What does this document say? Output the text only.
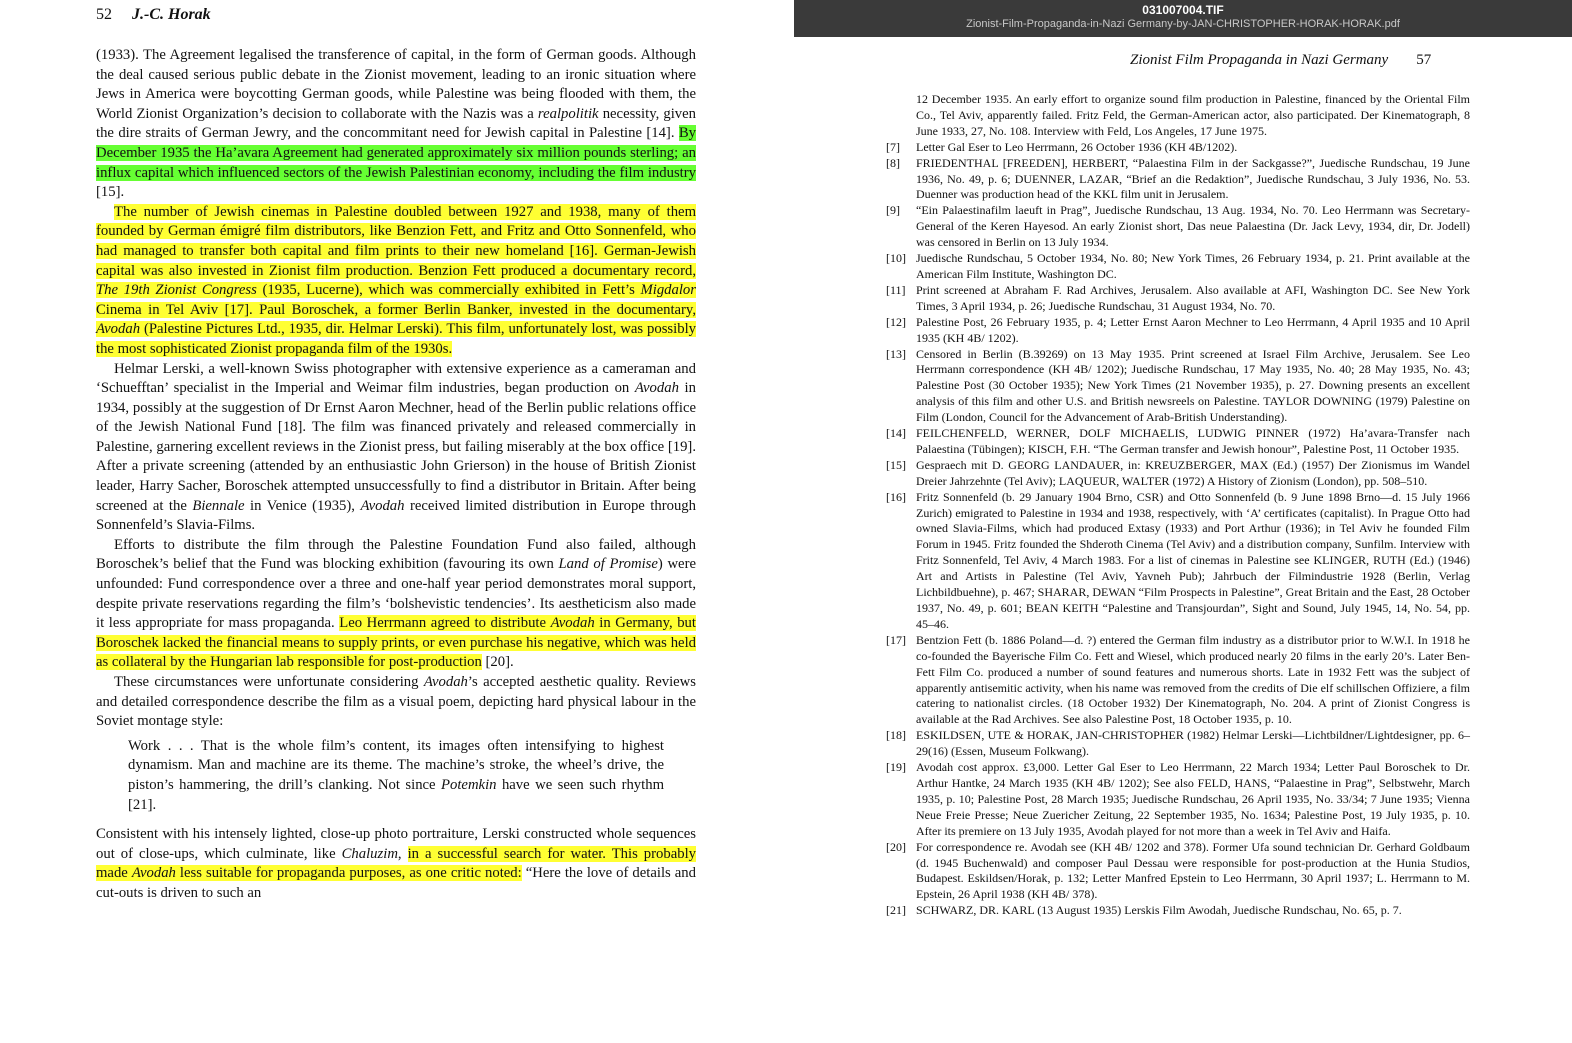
52 J.-C. Horak

(1933). The Agreement legalised the transference of capital, in the form of German goods. Although the deal caused serious public debate in the Zionist movement, leading to an ironic situation where Jews in America were boycotting German goods, while Palestine was being flooded with them, the World Zionist Organization’s decision to collaborate with the Nazis was a realpolitik necessity, given the dire straits of German Jewry, and the concommitant need for Jewish capital in Palestine [14]. By December 1935 the Ha’avara Agreement had generated approximately six million pounds sterling; an influx capital which influenced sectors of the Jewish Palestinian economy, including the film industry [15].

The number of Jewish cinemas in Palestine doubled between 1927 and 1938, many of them founded by German émigré film distributors, like Benzion Fett, and Fritz and Otto Sonnenfeld, who had managed to transfer both capital and film prints to their new homeland [16]. German-Jewish capital was also invested in Zionist film production. Benzion Fett produced a documentary record, The 19th Zionist Congress (1935, Lucerne), which was commercially exhibited in Fett’s Migdalor Cinema in Tel Aviv [17]. Paul Boroschek, a former Berlin Banker, invested in the documentary, Avodah (Palestine Pictures Ltd., 1935, dir. Helmar Lerski). This film, unfortunately lost, was possibly the most sophisticated Zionist propaganda film of the 1930s.

Helmar Lerski, a well-known Swiss photographer with extensive experience as a cameraman and ‘Schuefftan’ specialist in the Imperial and Weimar film industries, began production on Avodah in 1934, possibly at the suggestion of Dr Ernst Aaron Mechner, head of the Berlin public relations office of the Jewish National Fund [18]. The film was financed privately and released commercially in Palestine, garnering excellent reviews in the Zionist press, but failing miserably at the box office [19]. After a private screening (attended by an enthusiastic John Grierson) in the house of British Zionist leader, Harry Sacher, Boroschek attempted unsuccessfully to find a distributor in Britain. After being screened at the Biennale in Venice (1935), Avodah received limited distribution in Europe through Sonnenfeld’s Slavia-Films.

Efforts to distribute the film through the Palestine Foundation Fund also failed, although Boroschek’s belief that the Fund was blocking exhibition (favouring its own Land of Promise) were unfounded: Fund correspondence over a three and one-half year period demonstrates moral support, despite private reservations regarding the film’s ‘bolshevistic tendencies’. Its aestheticism also made it less appropriate for mass propaganda. Leo Herrmann agreed to distribute Avodah in Germany, but Boroschek lacked the financial means to supply prints, or even purchase his negative, which was held as collateral by the Hungarian lab responsible for post-production [20].

These circumstances were unfortunate considering Avodah’s accepted aesthetic quality. Reviews and detailed correspondence describe the film as a visual poem, depicting hard physical labour in the Soviet montage style:

Work . . . That is the whole film’s content, its images often intensifying to highest dynamism. Man and machine are its theme. The machine’s stroke, the wheel’s drive, the piston’s hammering, the drill’s clanking. Not since Potemkin have we seen such rhythm [21].

Consistent with his intensely lighted, close-up photo portraiture, Lerski constructed whole sequences out of close-ups, which culminate, like Chaluzim, in a successful search for water. This probably made Avodah less suitable for propaganda purposes, as one critic noted: “Here the love of details and cut-outs is driven to such an

031007004.TIF
Zionist-Film-Propaganda-in-Nazi Germany-by-JAN-CHRISTOPHER-HORAK-HORAK.pdf
Zionist Film Propaganda in Nazi Germany 57
12 December 1935. An early effort to organize sound film production in Palestine, financed by the Oriental Film Co., Tel Aviv, apparently failed. Fritz Feld, the German-American actor, also participated. Der Kinematograph, 8 June 1933, 27, No. 108. Interview with Feld, Los Angeles, 17 June 1975.
[7] Letter Gal Eser to Leo Herrmann, 26 October 1936 (KH 4B/1202).
[8] FRIEDENTHAL [FREEDEN], HERBERT, “Palaestina Film in der Sackgasse?”, Juedische Rundschau, 19 June 1936, No. 49, p. 6; DUENNER, LAZAR, “Brief an die Redaktion”, Juedische Rundschau, 3 July 1936, No. 53. Duenner was production head of the KKL film unit in Jerusalem.
[9] “Ein Palaestinafilm laeuft in Prag”, Juedische Rundschau, 13 Aug. 1934, No. 70. Leo Herrmann was Secretary-General of the Keren Hayesod. An early Zionist short, Das neue Palaestina (Dr. Jack Levy, 1934, dir, Dr. Jodell) was censored in Berlin on 13 July 1934.
[10] Juedische Rundschau, 5 October 1934, No. 80; New York Times, 26 February 1934, p. 21. Print available at the American Film Institute, Washington DC.
[11] Print screened at Abraham F. Rad Archives, Jerusalem. Also available at AFI, Washington DC. See New York Times, 3 April 1934, p. 26; Juedische Rundschau, 31 August 1934, No. 70.
[12] Palestine Post, 26 February 1935, p. 4; Letter Ernst Aaron Mechner to Leo Herrmann, 4 April 1935 and 10 April 1935 (KH 4B/ 1202).
[13] Censored in Berlin (B.39269) on 13 May 1935. Print screened at Israel Film Archive, Jerusalem. See Leo Herrmann correspondence (KH 4B/ 1202); Juedische Rundschau, 17 May 1935, No. 40; 28 May 1935, No. 43; Palestine Post (30 October 1935); New York Times (21 November 1935), p. 27. Downing presents an excellent analysis of this film and other U.S. and British newsreels on Palestine. TAYLOR DOWNING (1979) Palestine on Film (London, Council for the Advancement of Arab-British Understanding).
[14] FEILCHENFELD, WERNER, DOLF MICHAELIS, LUDWIG PINNER (1972) Ha’avara-Transfer nach Palaestina (Tübingen); KISCH, F.H. “The German transfer and Jewish honour”, Palestine Post, 11 October 1935.
[15] Gespraech mit D. GEORG LANDAUER, in: KREUZBERGER, MAX (Ed.) (1957) Der Zionismus im Wandel Dreier Jahrzehnte (Tel Aviv); LAQUEUR, WALTER (1972) A History of Zionism (London), pp. 508–510.
[16] Fritz Sonnenfeld (b. 29 January 1904 Brno, CSR) and Otto Sonnenfeld (b. 9 June 1898 Brno—d. 15 July 1966 Zurich) emigrated to Palestine in 1934 and 1938, respectively, with ‘A’ certificates (capitalist). In Prague Otto had owned Slavia-Films, which had produced Extasy (1933) and Port Arthur (1936); in Tel Aviv he founded Film Forum in 1945. Fritz founded the Shderoth Cinema (Tel Aviv) and a distribution company, Sunfilm. Interview with Fritz Sonnenfeld, Tel Aviv, 4 March 1983. For a list of cinemas in Palestine see KLINGER, RUTH (Ed.) (1946) Art and Artists in Palestine (Tel Aviv, Yavneh Pub); Jahrbuch der Filmindustrie 1928 (Berlin, Verlag Lichbildbuehne), p. 467; SHARAR, DEWAN “Film Prospects in Palestine”, Great Britain and the East, 28 October 1937, No. 49, p. 601; BEAN KEITH “Palestine and Transjourdan”, Sight and Sound, July 1945, 14, No. 54, pp. 45–46.
[17] Bentzion Fett (b. 1886 Poland—d. ?) entered the German film industry as a distributor prior to W.W.I. In 1918 he co-founded the Bayerische Film Co. Fett and Wiesel, which produced nearly 20 films in the early 20’s. Later Ben-Fett Film Co. produced a number of sound features and numerous shorts. Late in 1932 Fett was the subject of apparently antisemitic activity, when his name was removed from the credits of Die elf schillschen Offiziere, a film catering to nationalist circles. (18 October 1932) Der Kinematograph, No. 204. A print of Zionist Congress is available at the Rad Archives. See also Palestine Post, 18 October 1935, p. 10.
[18] ESKILDSEN, UTE & HORAK, JAN-CHRISTOPHER (1982) Helmar Lerski—Lichtbildner/Lightdesigner, pp. 6–29(16) (Essen, Museum Folkwang).
[19] Avodah cost approx. £3,000. Letter Gal Eser to Leo Herrmann, 22 March 1934; Letter Paul Boroschek to Dr. Arthur Hantke, 24 March 1935 (KH 4B/ 1202); See also FELD, HANS, “Palaestine in Prag”, Selbstwehr, March 1935, p. 10; Palestine Post, 28 March 1935; Juedische Rundschau, 26 April 1935, No. 33/34; 7 June 1935; Vienna Neue Freie Presse; Neue Zuericher Zeitung, 22 September 1935, No. 1634; Palestine Post, 19 July 1935, p. 10. After its premiere on 13 July 1935, Avodah played for not more than a week in Tel Aviv and Haifa.
[20] For correspondence re. Avodah see (KH 4B/ 1202 and 378). Former Ufa sound technician Dr. Gerhard Goldbaum (d. 1945 Buchenwald) and composer Paul Dessau were responsible for post-production at the Hunia Studios, Budapest. Eskildsen/Horak, p. 132; Letter Manfred Epstein to Leo Herrmann, 30 April 1937; L. Herrmann to M. Epstein, 26 April 1938 (KH 4B/ 378).
[21] SCHWARZ, DR. KARL (13 August 1935) Lerskis Film Awodah, Juedische Rundschau, No. 65, p. 7.
